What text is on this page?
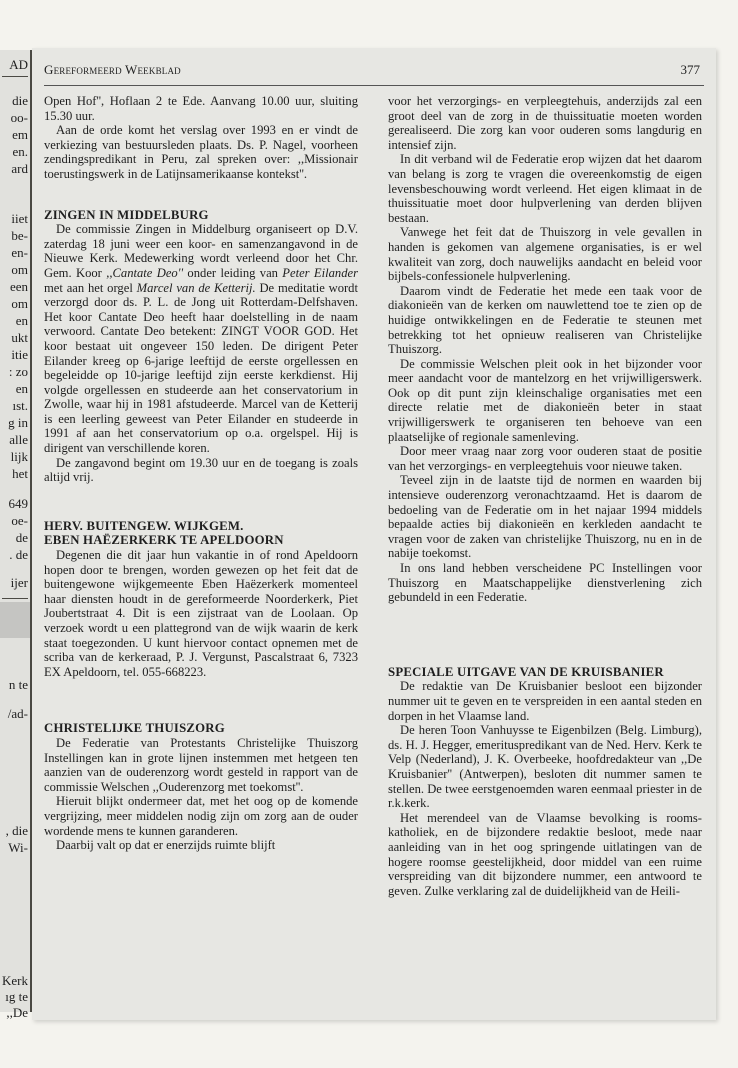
AD
die
oo-
em
en.
ard
iiet
be-
en-
om
een
om
en
ukt
itie
: zo
en
ıst.
g in
alle
lijk
het
649
oe-
de
. de
ijer
n te
/ad-
, die
Wi-
Kerk
ıg te
,,De
Gereformeerd Weekblad	377

Open Hof'', Hoflaan 2 te Ede. Aanvang 10.00 uur, sluiting 15.30 uur.

Aan de orde komt het verslag over 1993 en er vindt de verkiezing van bestuursleden plaats. Ds. P. Nagel, voorheen zendingspredikant in Peru, zal spreken over: ,,Missionair toerustingswerk in de Latijnsamerikaanse kontekst''.

ZINGEN IN MIDDELBURG

De commissie Zingen in Middelburg organiseert op D.V. zaterdag 18 juni weer een koor- en samenzangavond in de Nieuwe Kerk. Medewerking wordt verleend door het Chr. Gem. Koor ,,Cantate Deo'' onder leiding van Peter Eilander met aan het orgel Marcel van de Ketterij. De meditatie wordt verzorgd door ds. P. L. de Jong uit Rotterdam-Delfshaven. Het koor Cantate Deo heeft haar doelstelling in de naam verwoord. Cantate Deo betekent: ZINGT VOOR GOD. Het koor bestaat uit ongeveer 150 leden. De dirigent Peter Eilander kreeg op 6-jarige leeftijd de eerste orgellessen en begeleidde op 10-jarige leeftijd zijn eerste kerkdienst. Hij volgde orgellessen en studeerde aan het conservatorium in Zwolle, waar hij in 1981 afstudeerde. Marcel van de Ketterij is een leerling geweest van Peter Eilander en studeerde in 1991 af aan het conservatorium op o.a. orgelspel. Hij is dirigent van verschillende koren.

De zangavond begint om 19.30 uur en de toegang is zoals altijd vrij.

HERV. BUITENGEW. WIJKGEM.
EBEN HAËZERKERK TE APELDOORN

Degenen die dit jaar hun vakantie in of rond Apeldoorn hopen door te brengen, worden gewezen op het feit dat de buitengewone wijkgemeente Eben Haëzerkerk momenteel haar diensten houdt in de gereformeerde Noorderkerk, Piet Joubertstraat 4. Dit is een zijstraat van de Loolaan. Op verzoek wordt u een plattegrond van de wijk waarin de kerk staat toegezonden. U kunt hiervoor contact opnemen met de scriba van de kerkeraad, P. J. Vergunst, Pascalstraat 6, 7323 EX Apeldoorn, tel. 055-668223.

CHRISTELIJKE THUISZORG

De Federatie van Protestants Christelijke Thuiszorg Instellingen kan in grote lijnen instemmen met hetgeen ten aanzien van de ouderenzorg wordt gesteld in rapport van de commissie Welschen ,,Ouderenzorg met toekomst''.

Hieruit blijkt ondermeer dat, met het oog op de komende vergrijzing, meer middelen nodig zijn om zorg aan de ouder wordende mens te kunnen garanderen.

Daarbij valt op dat er enerzijds ruimte blijft

voor het verzorgings- en verpleegtehuis, anderzijds zal een groot deel van de zorg in de thuissituatie moeten worden gerealiseerd. Die zorg kan voor ouderen soms langdurig en intensief zijn.

In dit verband wil de Federatie erop wijzen dat het daarom van belang is zorg te vragen die overeenkomstig de eigen levensbeschouwing wordt verleend. Het eigen klimaat in de thuissituatie moet door hulpverlening van derden blijven bestaan.

Vanwege het feit dat de Thuiszorg in vele gevallen in handen is gekomen van algemene organisaties, is er wel kwaliteit van zorg, doch nauwelijks aandacht en beleid voor bijbels-confessionele hulpverlening.

Daarom vindt de Federatie het mede een taak voor de diakonieën van de kerken om nauwlettend toe te zien op de huidige ontwikkelingen en de Federatie te steunen met betrekking tot het opnieuw realiseren van Christelijke Thuiszorg.

De commissie Welschen pleit ook in het bijzonder voor meer aandacht voor de mantelzorg en het vrijwilligerswerk. Ook op dit punt zijn kleinschalige organisaties met een directe relatie met de diakonieën beter in staat vrijwilligerswerk te organiseren ten behoeve van een plaatselijke of regionale samenleving.

Door meer vraag naar zorg voor ouderen staat de positie van het verzorgings- en verpleegtehuis voor nieuwe taken.

Teveel zijn in de laatste tijd de normen en waarden bij intensieve ouderenzorg veronachtzaamd. Het is daarom de bedoeling van de Federatie om in het najaar 1994 middels bepaalde acties bij diakonieën en kerkleden aandacht te vragen voor de zaken van christelijke Thuiszorg, nu en in de nabije toekomst.

In ons land hebben verscheidene PC Instellingen voor Thuiszorg en Maatschappelijke dienstverlening zich gebundeld in een Federatie.

SPECIALE UITGAVE VAN DE KRUISBANIER

De redaktie van De Kruisbanier besloot een bijzonder nummer uit te geven en te verspreiden in een aantal steden en dorpen in het Vlaamse land.

De heren Toon Vanhuysse te Eigenbilzen (Belg. Limburg), ds. H. J. Hegger, emerituspredikant van de Ned. Herv. Kerk te Velp (Nederland), J. K. Overbeeke, hoofdredakteur van ,,De Kruisbanier'' (Antwerpen), besloten dit nummer samen te stellen. De twee eerstgenoemden waren eenmaal priester in de r.k.kerk.

Het merendeel van de Vlaamse bevolking is rooms-katholiek, en de bijzondere redaktie besloot, mede naar aanleiding van in het oog springende uitlatingen van de hogere roomse geestelijkheid, door middel van een ruime verspreiding van dit bijzondere nummer, een antwoord te geven. Zulke verklaring zal de duidelijkheid van de Heili-
